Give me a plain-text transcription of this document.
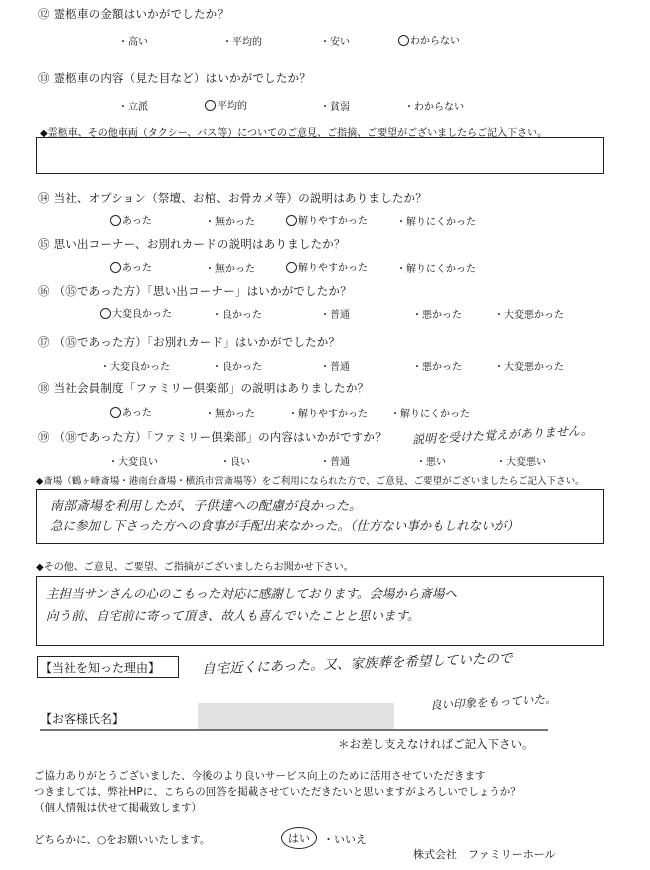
⑫ 霊柩車の金額はいかがでしたか？
・高い	・平均的	・安い	わからない
⑬ 霊柩車の内容（見た目など）はいかがでしたか？
・立派	平均的	・貧弱	・わからない
◆霊柩車、その他車両（タクシー、バス等）についてのご意見、ご指摘、ご要望がございましたらご記入下さい。
⑭ 当社、オプション（祭壇、お棺、お骨カメ等）の説明はありましたか？
あった	・無かった	解りやすかった	・解りにくかった
⑮ 思い出コーナー、お別れカードの説明はありましたか？
あった	・無かった	解りやすかった	・解りにくかった
⑯ （⑮であった方）「思い出コーナー」はいかがでしたか？
大変良かった	・良かった	・普通	・悪かった	・大変悪かった
⑰ （⑮であった方）「お別れカード」はいかがでしたか？
・大変良かった	・良かった	・普通	・悪かった	・大変悪かった
⑱ 当社会員制度「ファミリー倶楽部」の説明はありましたか？
あった	・無かった	・解りやすかった ・解りにくかった
⑲ （⑱であった方）「ファミリー倶楽部」の内容はいかがですか？ 説明を受けた覚えがありません。
・大変良い	・良い	・普通	・悪い	・大変悪い
◆斎場（鶴ヶ峰斎場・港南台斎場・横浜市営斎場等）をご利用になられた方で、ご意見、ご要望がございましたらご記入下さい。
南部斎場を利用したが、子供達への配慮が良かった。
急に参加し下さった方への食事が手配出来なかった。（仕方ない事かもしれないが）
◆その他、ご意見、ご要望、ご指摘がございましたらお聞かせ下さい。
主担当サンさんの心のこもった対応に感謝しております。会場から斎場へ
向う前、自宅前に寄って頂き、故人も喜んでいたことと思います。
【当社を知った理由】	自宅近くにあった。又、家族葬を希望していたので
良い印象をもっていた。
【お客様氏名】
＊お差し支えなければご記入下さい。
ご協力ありがとうございました、今後のより良いサービス向上のために活用させていただきます
つきましては、弊社HPに、こちらの回答を掲載させていただきたいと思いますがよろしいでしょうか？
（個人情報は伏せて掲載致します）
どちらかに、○をお願いいたします。	はい	・いいえ
株式会社　ファミリーホール
